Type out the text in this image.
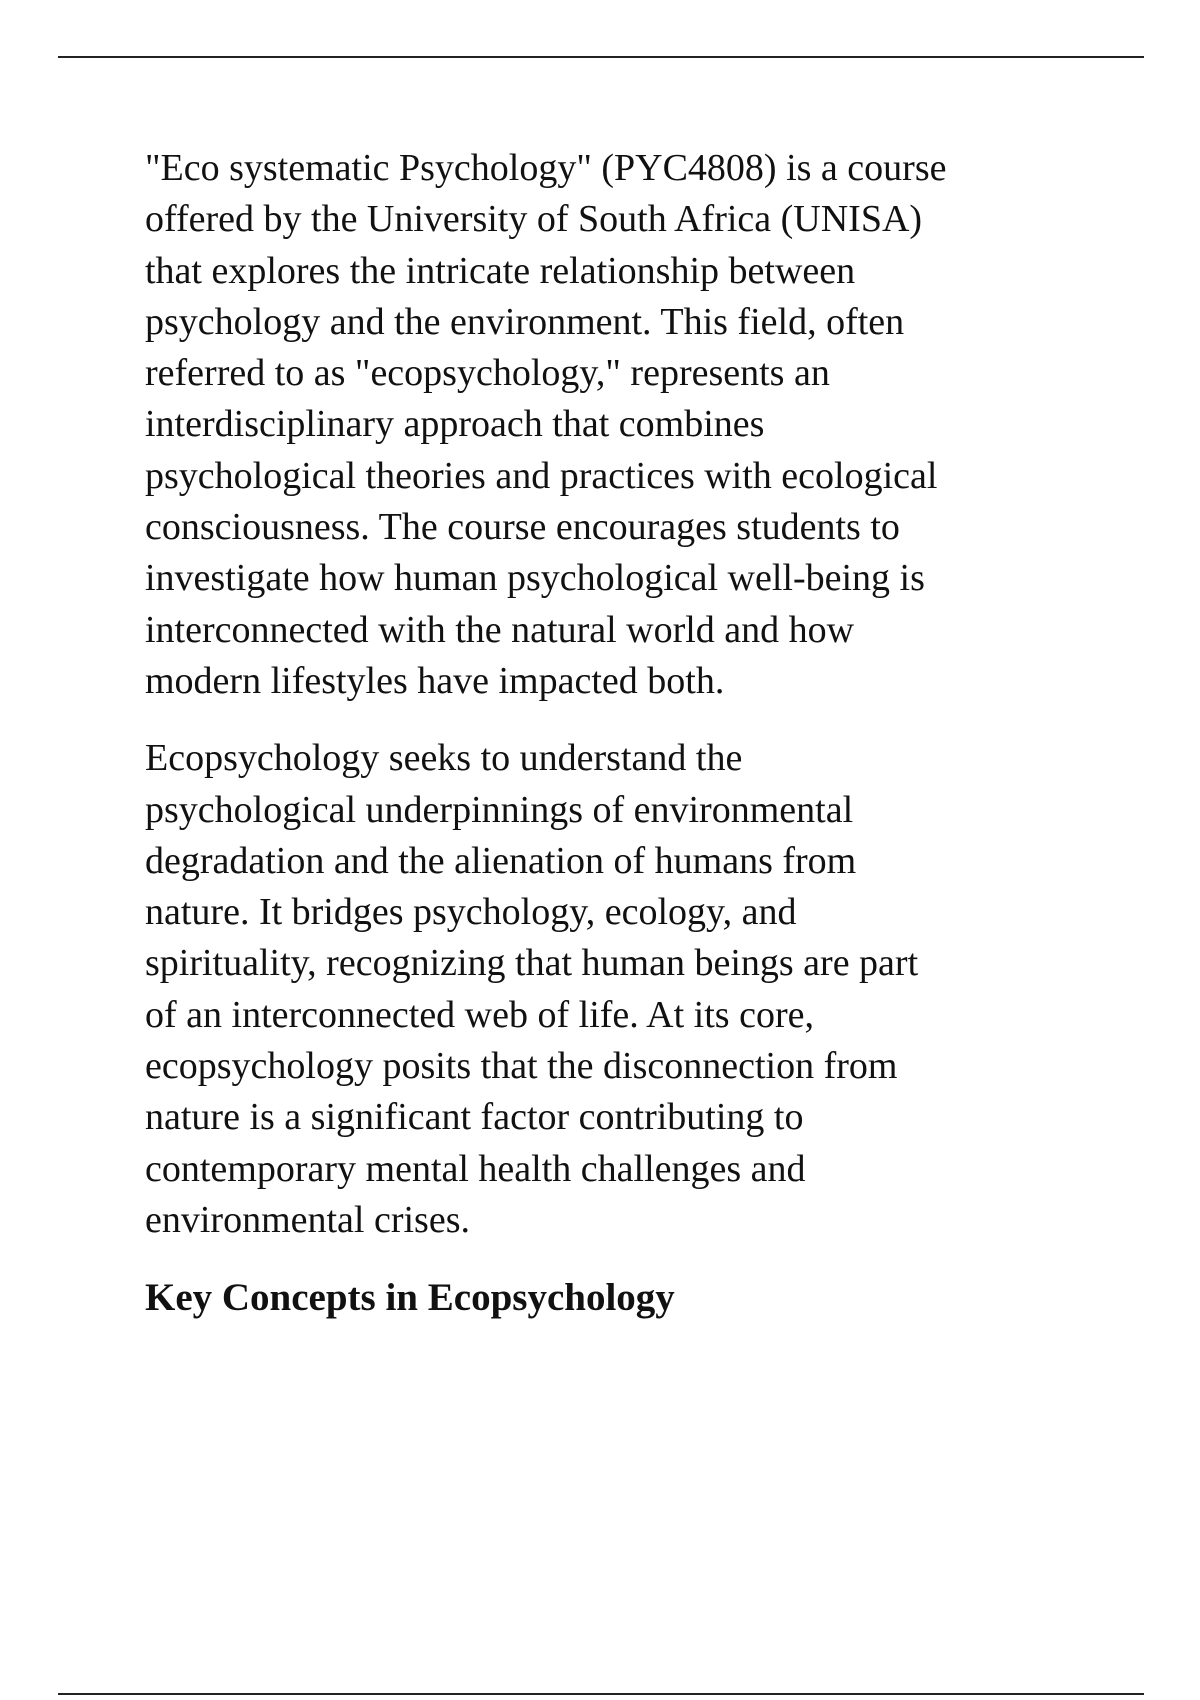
"Eco systematic Psychology" (PYC4808) is a course
offered by the University of South Africa (UNISA)
that explores the intricate relationship between
psychology and the environment. This field, often
referred to as "ecopsychology," represents an
interdisciplinary approach that combines
psychological theories and practices with ecological
consciousness. The course encourages students to
investigate how human psychological well-being is
interconnected with the natural world and how
modern lifestyles have impacted both.

Ecopsychology seeks to understand the
psychological underpinnings of environmental
degradation and the alienation of humans from
nature. It bridges psychology, ecology, and
spirituality, recognizing that human beings are part
of an interconnected web of life. At its core,
ecopsychology posits that the disconnection from
nature is a significant factor contributing to
contemporary mental health challenges and
environmental crises.

Key Concepts in Ecopsychology
